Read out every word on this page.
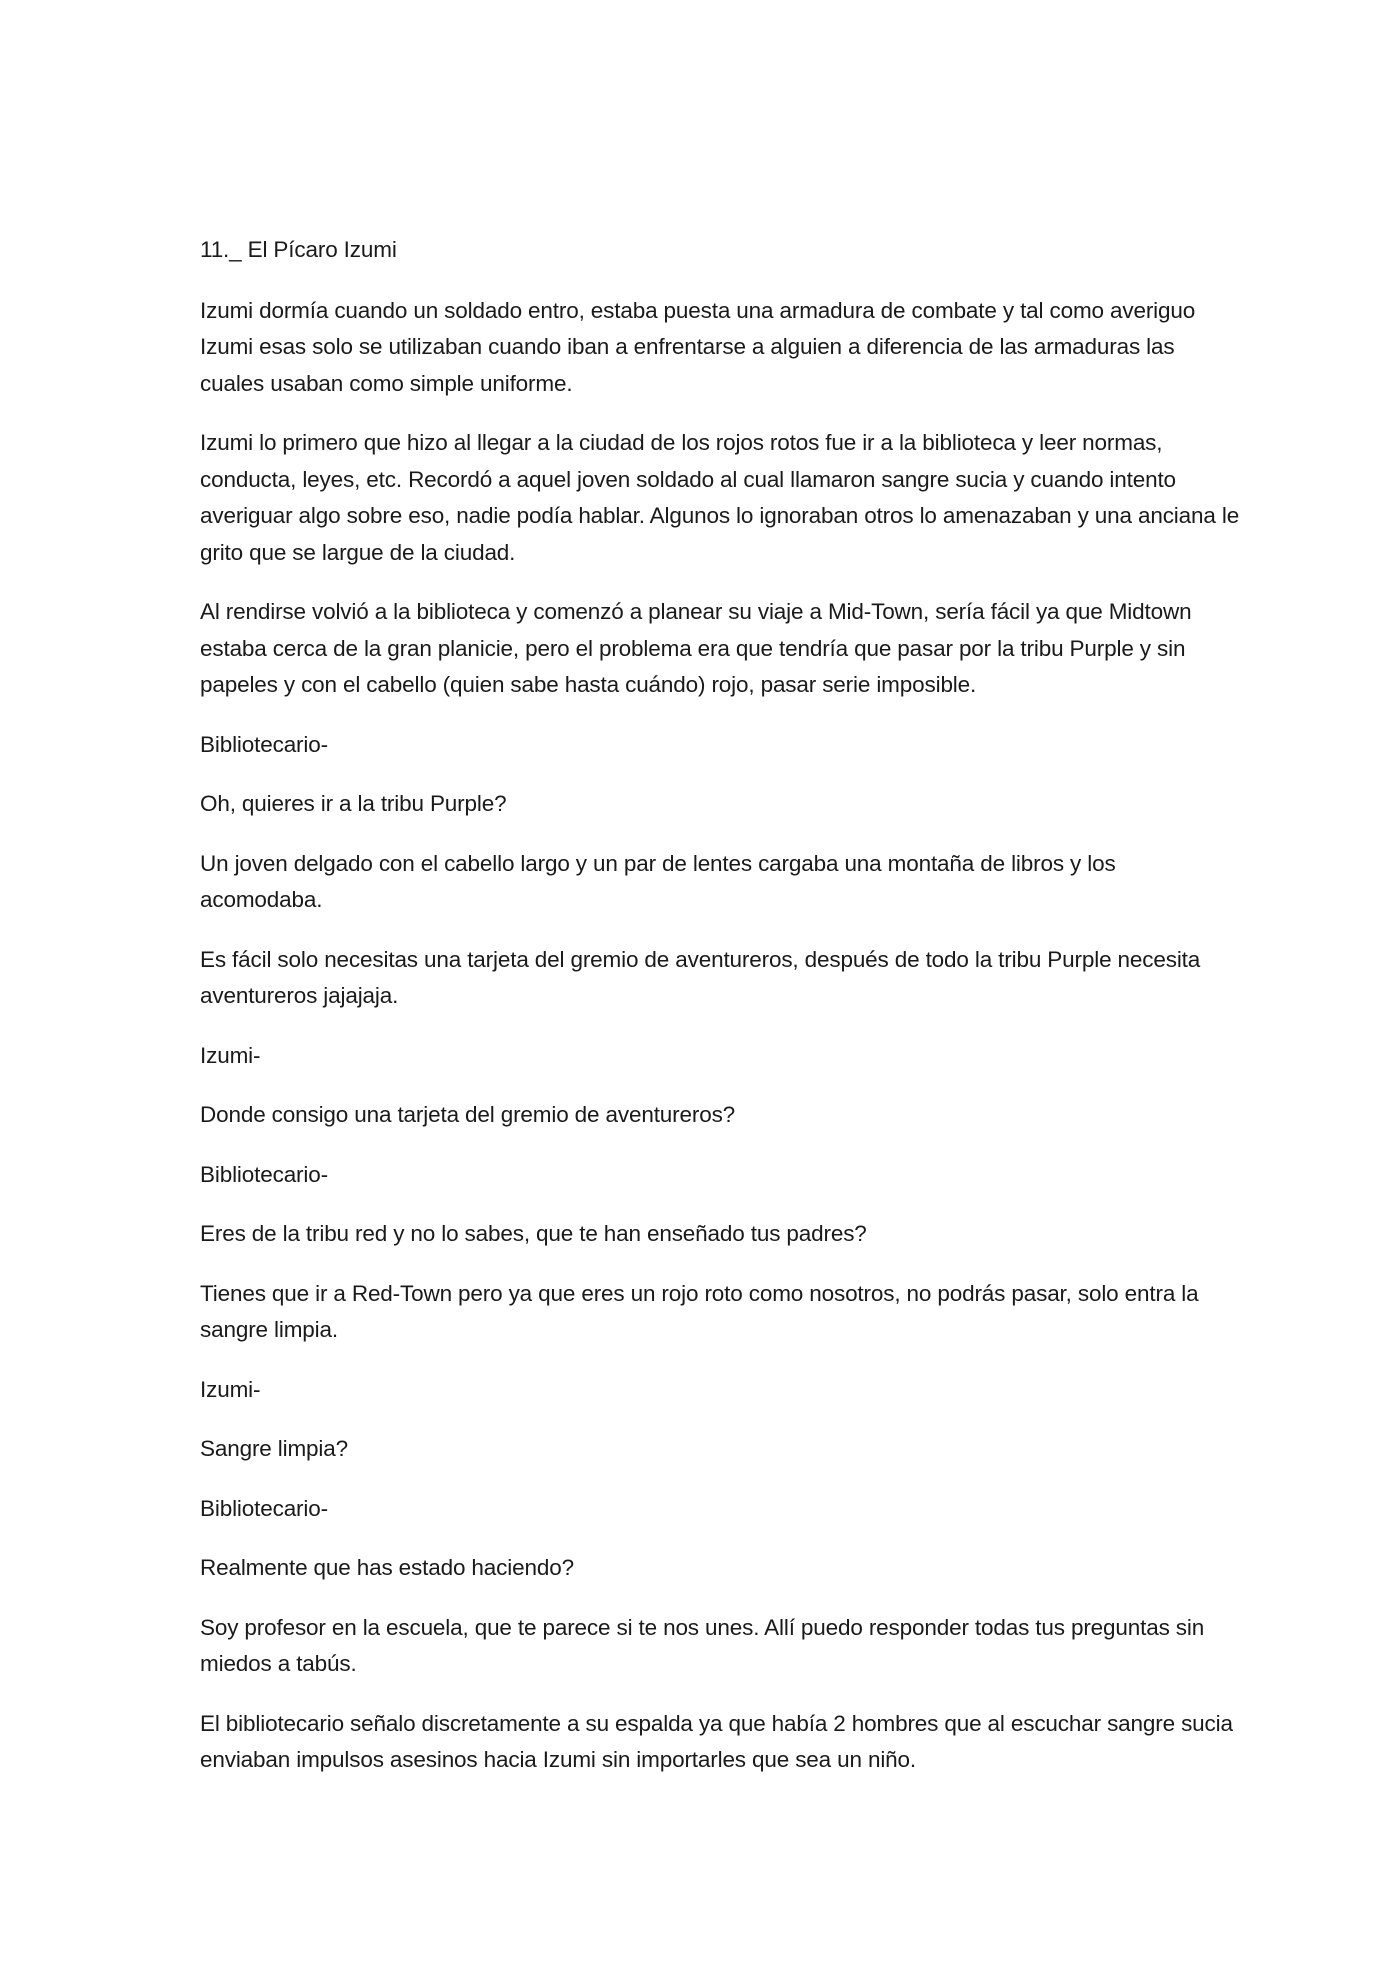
11._ El Pícaro Izumi

Izumi dormía cuando un soldado entro, estaba puesta una armadura de combate y tal como averiguo Izumi esas solo se utilizaban cuando iban a enfrentarse a alguien a diferencia de las armaduras las cuales usaban como simple uniforme.

Izumi lo primero que hizo al llegar a la ciudad de los rojos rotos fue ir a la biblioteca y leer normas, conducta, leyes, etc. Recordó a aquel joven soldado al cual llamaron sangre sucia y cuando intento averiguar algo sobre eso, nadie podía hablar. Algunos lo ignoraban otros lo amenazaban y una anciana le grito que se largue de la ciudad.

Al rendirse volvió a la biblioteca y comenzó a planear su viaje a Mid-Town, sería fácil ya que Midtown estaba cerca de la gran planicie, pero el problema era que tendría que pasar por la tribu Purple y sin papeles y con el cabello (quien sabe hasta cuándo) rojo, pasar serie imposible.

Bibliotecario-

Oh, quieres ir a la tribu Purple?

Un joven delgado con el cabello largo y un par de lentes cargaba una montaña de libros y los acomodaba.

Es fácil solo necesitas una tarjeta del gremio de aventureros, después de todo la tribu Purple necesita aventureros jajajaja.

Izumi-

Donde consigo una tarjeta del gremio de aventureros?

Bibliotecario-

Eres de la tribu red y no lo sabes, que te han enseñado tus padres?

Tienes que ir a Red-Town pero ya que eres un rojo roto como nosotros, no podrás pasar, solo entra la sangre limpia.

Izumi-

Sangre limpia?

Bibliotecario-

Realmente que has estado haciendo?

Soy profesor en la escuela, que te parece si te nos unes. Allí puedo responder todas tus preguntas sin miedos a tabús.

El bibliotecario señalo discretamente a su espalda ya que había 2 hombres que al escuchar sangre sucia enviaban impulsos asesinos hacia Izumi sin importarles que sea un niño.
